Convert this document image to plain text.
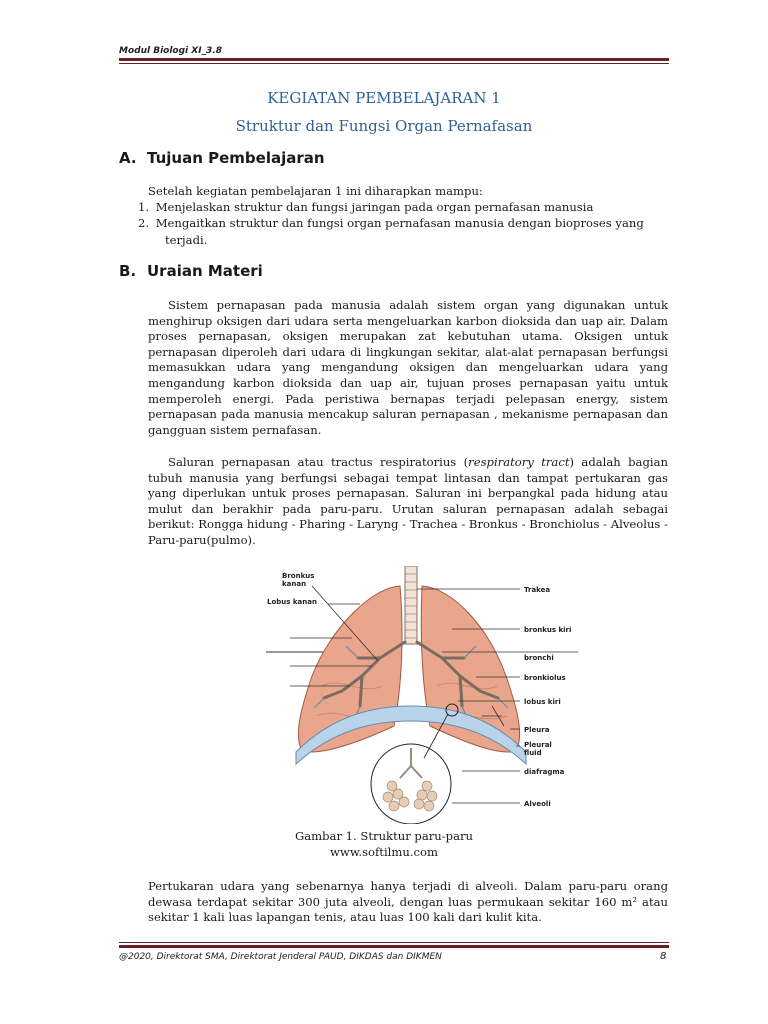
Modul Biologi XI_3.8
KEGIATAN PEMBELAJARAN 1
Struktur dan Fungsi Organ Pernafasan
A. Tujuan Pembelajaran
Setelah kegiatan pembelajaran 1 ini diharapkan mampu:
1. Menjelaskan struktur dan fungsi jaringan pada organ pernafasan manusia
2. Mengaitkan struktur dan fungsi organ pernafasan manusia dengan bioproses yang
terjadi.
B. Uraian Materi
Sistem pernapasan pada manusia adalah sistem organ yang digunakan untuk menghirup oksigen dari udara serta mengeluarkan karbon dioksida dan uap air. Dalam proses pernapasan, oksigen merupakan zat kebutuhan utama. Oksigen untuk pernapasan diperoleh dari udara di lingkungan sekitar, alat-alat pernapasan berfungsi memasukkan udara yang mengandung oksigen dan mengeluarkan udara yang mengandung karbon dioksida dan uap air, tujuan proses pernapasan yaitu untuk memperoleh energi. Pada peristiwa bernapas terjadi pelepasan energy, sistem pernapasan pada manusia mencakup saluran pernapasan , mekanisme pernapasan dan gangguan sistem pernafasan.
Saluran pernapasan atau tractus respiratorius (respiratory tract) adalah bagian tubuh manusia yang berfungsi sebagai tempat lintasan dan tampat pertukaran gas yang diperlukan untuk proses pernapasan. Saluran ini berpangkal pada hidung atau mulut dan berakhir pada paru-paru. Urutan saluran pernapasan adalah sebagai berikut: Rongga hidung - Pharing - Laryng - Trachea - Bronkus - Bronchiolus - Alveolus - Paru-paru(pulmo).
Bronkus
kanan
Lobus kanan
Trakea
bronkus kiri
bronchi
bronkiolus
lobus kiri
Pleura
Pleural
fluid
diafragma
Alveoli
Gambar 1. Struktur paru-paru
www.softilmu.com
Pertukaran udara yang sebenarnya hanya terjadi di alveoli. Dalam paru-paru orang dewasa terdapat sekitar 300 juta alveoli, dengan luas permukaan sekitar 160 m² atau sekitar 1 kali luas lapangan tenis, atau luas 100 kali dari kulit kita.
@2020, Direktorat SMA, Direktorat Jenderal PAUD, DIKDAS dan DIKMEN	8
